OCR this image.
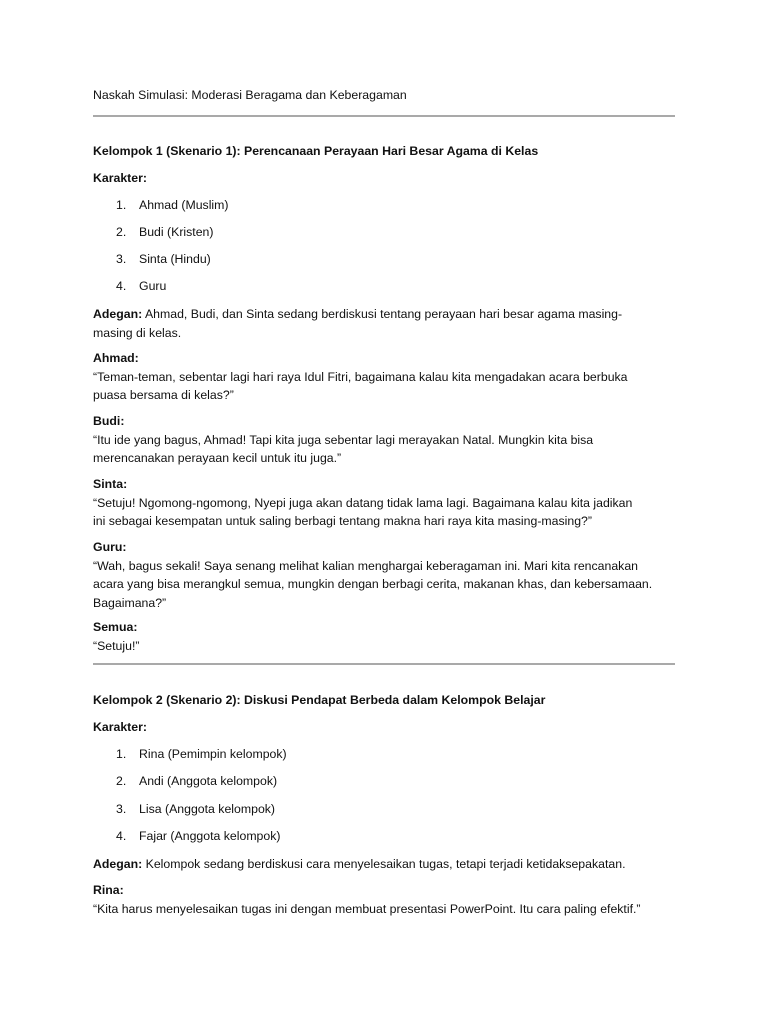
Naskah Simulasi: Moderasi Beragama dan Keberagaman
Kelompok 1 (Skenario 1): Perencanaan Perayaan Hari Besar Agama di Kelas
Karakter:
1. Ahmad (Muslim)
2. Budi (Kristen)
3. Sinta (Hindu)
4. Guru
Adegan: Ahmad, Budi, dan Sinta sedang berdiskusi tentang perayaan hari besar agama masing-
masing di kelas.
Ahmad:
“Teman-teman, sebentar lagi hari raya Idul Fitri, bagaimana kalau kita mengadakan acara berbuka
puasa bersama di kelas?”
Budi:
“Itu ide yang bagus, Ahmad! Tapi kita juga sebentar lagi merayakan Natal. Mungkin kita bisa
merencanakan perayaan kecil untuk itu juga.”
Sinta:
“Setuju! Ngomong-ngomong, Nyepi juga akan datang tidak lama lagi. Bagaimana kalau kita jadikan
ini sebagai kesempatan untuk saling berbagi tentang makna hari raya kita masing-masing?”
Guru:
“Wah, bagus sekali! Saya senang melihat kalian menghargai keberagaman ini. Mari kita rencanakan
acara yang bisa merangkul semua, mungkin dengan berbagi cerita, makanan khas, dan kebersamaan.
Bagaimana?”
Semua:
“Setuju!”
Kelompok 2 (Skenario 2): Diskusi Pendapat Berbeda dalam Kelompok Belajar
Karakter:
1. Rina (Pemimpin kelompok)
2. Andi (Anggota kelompok)
3. Lisa (Anggota kelompok)
4. Fajar (Anggota kelompok)
Adegan: Kelompok sedang berdiskusi cara menyelesaikan tugas, tetapi terjadi ketidaksepakatan.
Rina:
“Kita harus menyelesaikan tugas ini dengan membuat presentasi PowerPoint. Itu cara paling efektif.”
